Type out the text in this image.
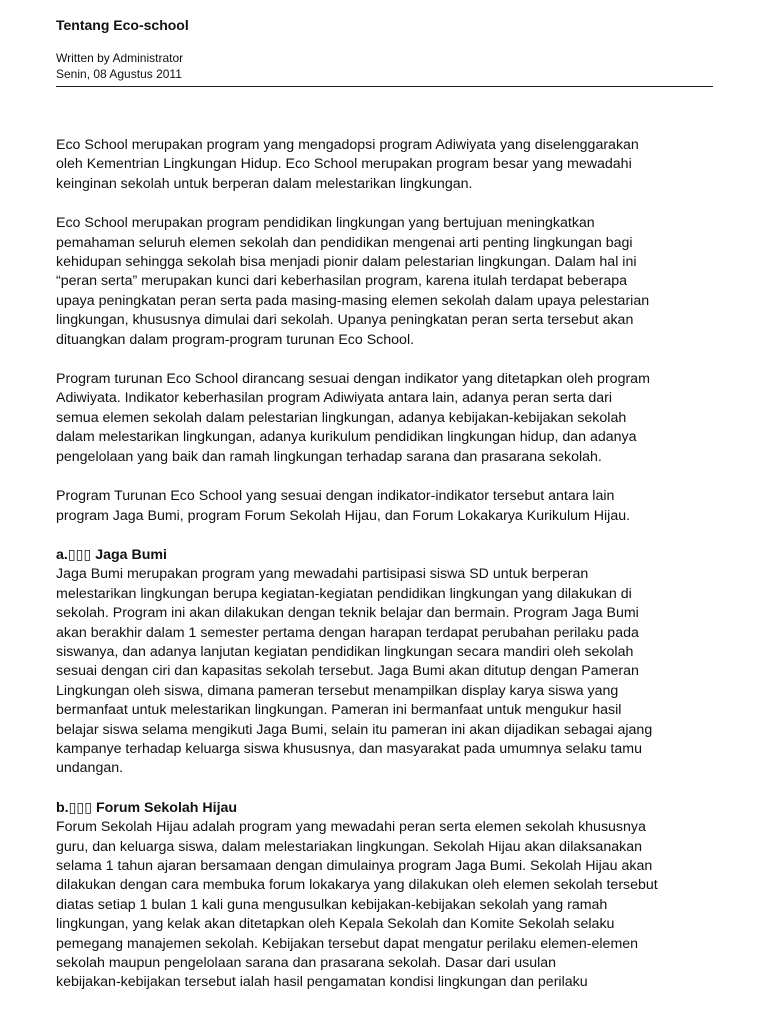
Tentang Eco-school
Written by Administrator
Senin, 08 Agustus 2011

Eco School merupakan program yang mengadopsi program Adiwiyata yang diselenggarakan
oleh Kementrian Lingkungan Hidup. Eco School merupakan program besar yang mewadahi
keinginan sekolah untuk berperan dalam melestarikan lingkungan.

Eco School merupakan program pendidikan lingkungan yang bertujuan meningkatkan
pemahaman seluruh elemen sekolah dan pendidikan mengenai arti penting lingkungan bagi
kehidupan sehingga sekolah bisa menjadi pionir dalam pelestarian lingkungan. Dalam hal ini
“peran serta” merupakan kunci dari keberhasilan program, karena itulah terdapat beberapa
upaya peningkatan peran serta pada masing-masing elemen sekolah dalam upaya pelestarian
lingkungan, khususnya dimulai dari sekolah. Upanya peningkatan peran serta tersebut akan
dituangkan dalam program-program turunan Eco School.

Program turunan Eco School dirancang sesuai dengan indikator yang ditetapkan oleh program
Adiwiyata. Indikator keberhasilan program Adiwiyata antara lain, adanya peran serta dari
semua elemen sekolah dalam pelestarian lingkungan, adanya kebijakan-kebijakan sekolah
dalam melestarikan lingkungan, adanya kurikulum pendidikan lingkungan hidup, dan adanya
pengelolaan yang baik dan ramah lingkungan terhadap sarana dan prasarana sekolah.

Program Turunan Eco School yang sesuai dengan indikator-indikator tersebut antara lain
program Jaga Bumi, program Forum Sekolah Hijau, dan Forum Lokakarya Kurikulum Hijau.

a.▯▯▯ Jaga Bumi
Jaga Bumi merupakan program yang mewadahi partisipasi siswa SD untuk berperan
melestarikan lingkungan berupa kegiatan-kegiatan pendidikan lingkungan yang dilakukan di
sekolah. Program ini akan dilakukan dengan teknik belajar dan bermain. Program Jaga Bumi
akan berakhir dalam 1 semester pertama dengan harapan terdapat perubahan perilaku pada
siswanya, dan adanya lanjutan kegiatan pendidikan lingkungan secara mandiri oleh sekolah
sesuai dengan ciri dan kapasitas sekolah tersebut. Jaga Bumi akan ditutup dengan Pameran
Lingkungan oleh siswa, dimana pameran tersebut menampilkan display karya siswa yang
bermanfaat untuk melestarikan lingkungan. Pameran ini bermanfaat untuk mengukur hasil
belajar siswa selama mengikuti Jaga Bumi, selain itu pameran ini akan dijadikan sebagai ajang
kampanye terhadap keluarga siswa khususnya, dan masyarakat pada umumnya selaku tamu
undangan.
b.▯▯▯ Forum Sekolah Hijau
Forum Sekolah Hijau adalah program yang mewadahi peran serta elemen sekolah khususnya
guru, dan keluarga siswa, dalam melestariakan lingkungan. Sekolah Hijau akan dilaksanakan
selama 1 tahun ajaran bersamaan dengan dimulainya program Jaga Bumi. Sekolah Hijau akan
dilakukan dengan cara membuka forum lokakarya yang dilakukan oleh elemen sekolah tersebut
diatas setiap 1 bulan 1 kali guna mengusulkan kebijakan-kebijakan sekolah yang ramah
lingkungan, yang kelak akan ditetapkan oleh Kepala Sekolah dan Komite Sekolah selaku
pemegang manajemen sekolah. Kebijakan tersebut dapat mengatur perilaku elemen-elemen
sekolah maupun pengelolaan sarana dan prasarana sekolah. Dasar dari usulan
kebijakan-kebijakan tersebut ialah hasil pengamatan kondisi lingkungan dan perilaku
